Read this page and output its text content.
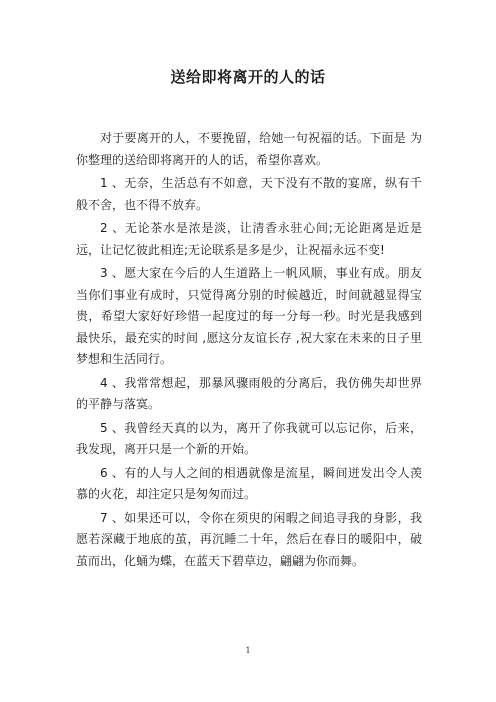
送给即将离开的人的话

对于要离开的人，不要挽留，给她一句祝福的话。下面是 为你整理的送给即将离开的人的话，希望你喜欢。

1 、无奈，生活总有不如意，天下没有不散的宴席，纵有千般不舍，也不得不放弃。

2 、无论茶水是浓是淡，让清香永驻心间;无论距离是近是远，让记忆彼此相连;无论联系是多是少，让祝福永远不变!

3 、愿大家在今后的人生道路上一帆风顺，事业有成。朋友当你们事业有成时，只觉得离分别的时候越近，时间就越显得宝贵，希望大家好好珍惜一起度过的每一分每一秒。时光是我感到最快乐，最充实的时间 ,愿这分友谊长存 ,祝大家在未来的日子里梦想和生活同行。

4 、我常常想起，那暴风骤雨般的分离后，我仿佛失却世界的平静与落寞。

5 、我曾经天真的以为，离开了你我就可以忘记你，后来，我发现，离开只是一个新的开始。

6 、有的人与人之间的相遇就像是流星，瞬间迸发出令人羡慕的火花，却注定只是匆匆而过。

7 、如果还可以，令你在须臾的闲暇之间追寻我的身影，我愿若深藏于地底的茧，再沉睡二十年，然后在春日的暖阳中，破茧而出，化蛹为蝶，在蓝天下碧草边，翩翩为你而舞。

1
